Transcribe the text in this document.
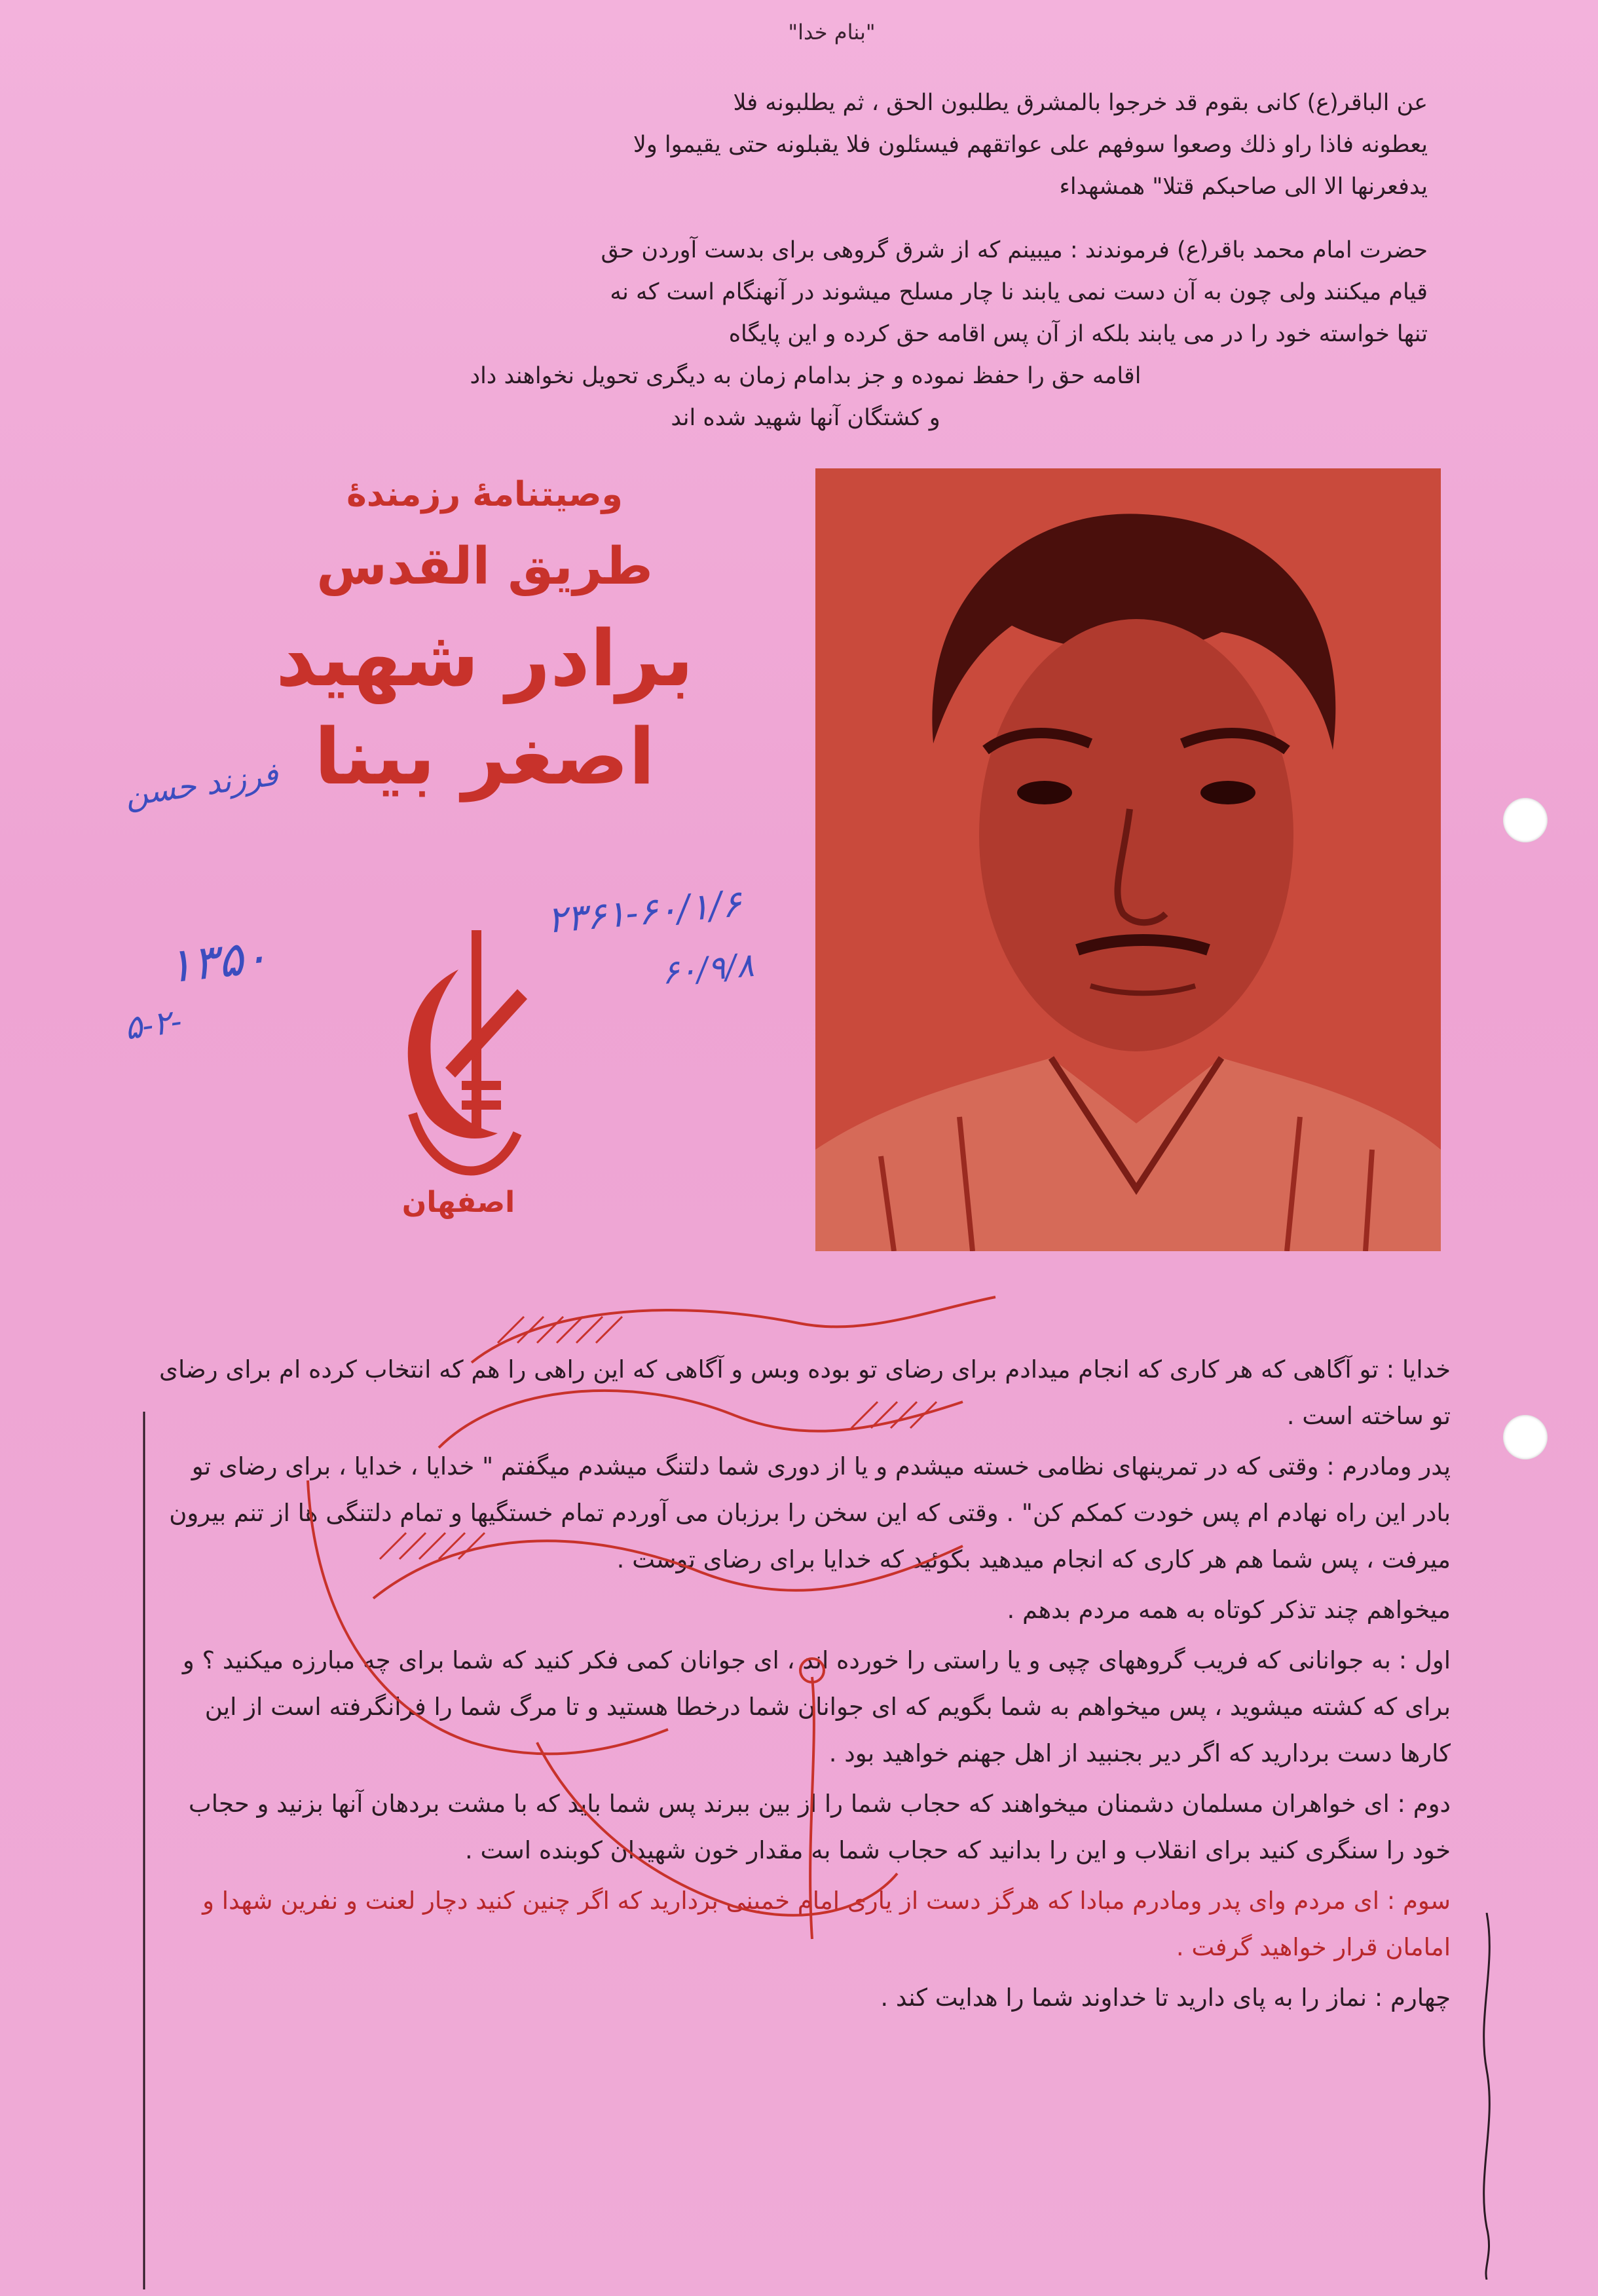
"بنام خدا"

عن الباقر(ع) كانى بقوم قد خرجوا بالمشرق يطلبون الحق ، ثم يطلبونه فلا

يعطونه فاذا راو ذلك وصعوا سوفهم على عواتقهم فيسئلون فلا يقبلونه حتى يقيموا ولا

يدفعرنها الا الى صاحبكم قتلا" همشهداء

حضرت امام محمد باقر(ع) فرموندند : میبینم که از شرق گروهی برای بدست آوردن حق

قیام میکنند ولی چون به آن دست نمی یابند نا چار مسلح میشوند در آنهنگام است که نه

تنها خواسته خود را در می یابند بلکه از آن پس اقامه حق کرده و این پایگاه

اقامه حق را حفظ نموده و جز بدامام زمان به دیگری تحویل نخواهند داد

و کشتگان آنها شهید شده اند

وصیتنامهٔ رزمندهٔ
طریق القدس
برادر شهید
اصغر بینا
اصفهان
فرزند حسن
۲۳۶۱-۶۰/۱/۶
۶۰/۹/۸
۱۳۵۰
۵-۲-

خدایا : تو آگاهی که هر کاری که انجام میدادم برای رضای تو بوده وبس و آگاهی که این راهی را هم که انتخاب کرده ام برای رضای تو ساخته است .

پدر ومادرم : وقتی که در تمرینهای نظامی خسته میشدم و یا از دوری شما دلتنگ میشدم میگفتم " خدایا ، خدایا ، برای رضای تو بادر این راه نهادم ام پس خودت کمکم کن" . وقتی که این سخن را برزبان می آوردم تمام خستگیها و تمام دلتنگی ها از تنم بیرون میرفت ، پس شما هم هر کاری که انجام میدهید بگوئید که خدایا برای رضای توست .

میخواهم چند تذکر کوتاه به همه مردم بدهم .

اول : به جوانانی که فریب گروههای چپی و یا راستی را خورده اند ، ای جوانان کمی فکر کنید که شما برای چه مبارزه میکنید ؟ و برای که کشته میشوید ، پس میخواهم به شما بگویم که ای جوانان شما درخطا هستید و تا مرگ شما را فرانگرفته است از این کارها دست بردارید که اگر دیر بجنبید از اهل جهنم خواهید بود .

دوم : ای خواهران مسلمان دشمنان میخواهند که حجاب شما را از بین ببرند پس شما باید که با مشت بردهان آنها بزنید و حجاب خود را سنگری کنید برای انقلاب و این را بدانید که حجاب شما به مقدار خون شهیدان کوبنده است .

سوم : ای مردم وای پدر ومادرم مبادا که هرگز دست از یاری امام خمینی بردارید که اگر چنین کنید دچار لعنت و نفرین شهدا و امامان قرار خواهید گرفت .

چهارم : نماز را به پای دارید تا خداوند شما را هدایت کند .
